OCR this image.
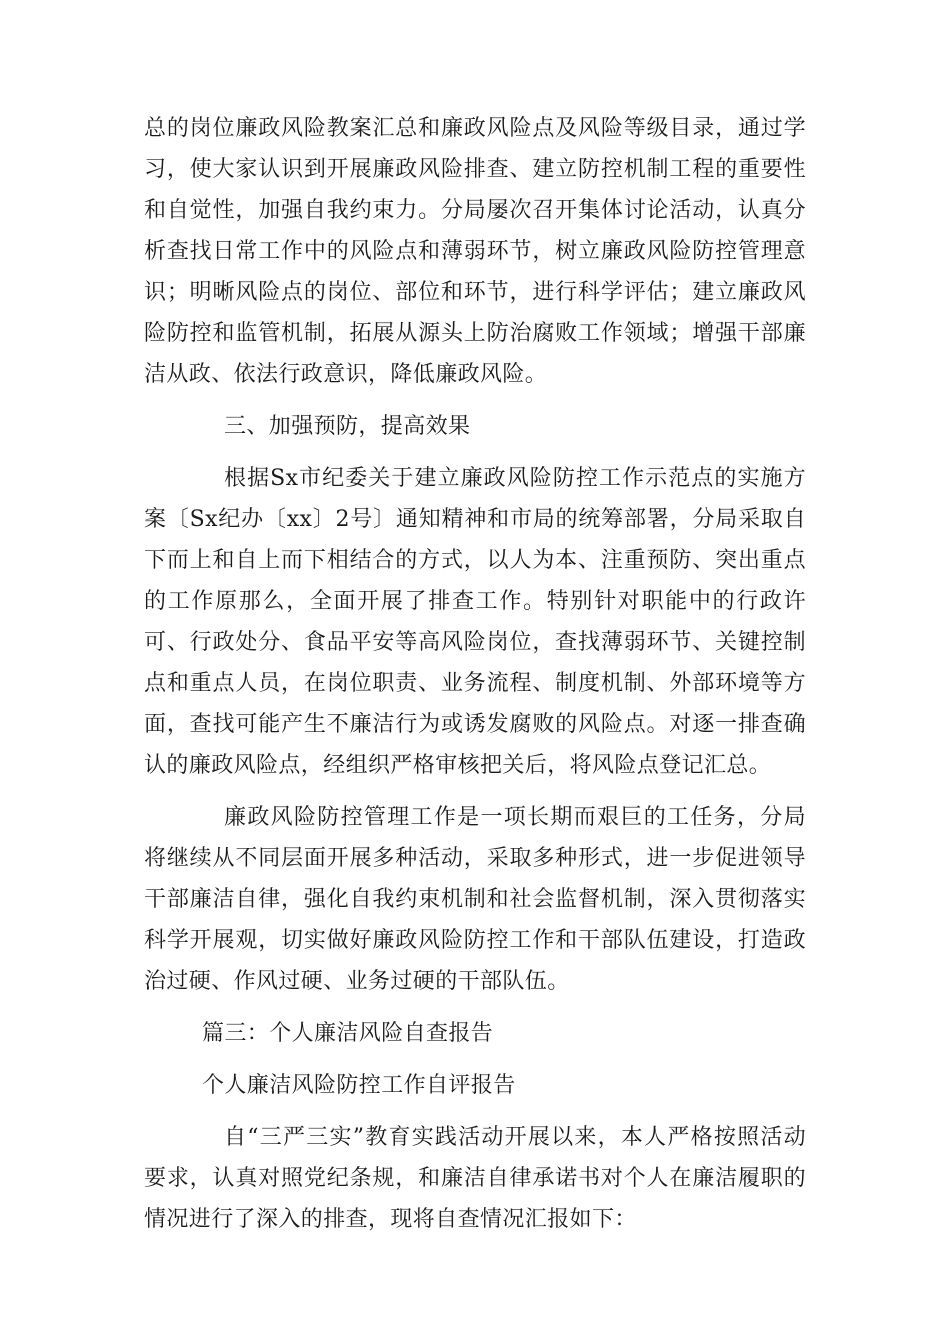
总的岗位廉政风险教案汇总和廉政风险点及风险等级目录，通过学习，使大家认识到开展廉政风险排查、建立防控机制工程的重要性和自觉性，加强自我约束力。分局屡次召开集体讨论活动，认真分析查找日常工作中的风险点和薄弱环节，树立廉政风险防控管理意识；明晰风险点的岗位、部位和环节，进行科学评估；建立廉政风险防控和监管机制，拓展从源头上防治腐败工作领域；增强干部廉洁从政、依法行政意识，降低廉政风险。

三、加强预防，提高效果

根据Sx市纪委关于建立廉政风险防控工作示范点的实施方案〔Sx纪办〔xx〕2号〕通知精神和市局的统筹部署，分局采取自下而上和自上而下相结合的方式，以人为本、注重预防、突出重点的工作原那么，全面开展了排查工作。特别针对职能中的行政许可、行政处分、食品平安等高风险岗位，查找薄弱环节、关键控制点和重点人员，在岗位职责、业务流程、制度机制、外部环境等方面，查找可能产生不廉洁行为或诱发腐败的风险点。对逐一排查确认的廉政风险点，经组织严格审核把关后，将风险点登记汇总。

廉政风险防控管理工作是一项长期而艰巨的工任务，分局将继续从不同层面开展多种活动，采取多种形式，进一步促进领导干部廉洁自律，强化自我约束机制和社会监督机制，深入贯彻落实科学开展观，切实做好廉政风险防控工作和干部队伍建设，打造政治过硬、作风过硬、业务过硬的干部队伍。

篇三：个人廉洁风险自查报告

个人廉洁风险防控工作自评报告

自“三严三实”教育实践活动开展以来，本人严格按照活动要求，认真对照党纪条规，和廉洁自律承诺书对个人在廉洁履职的情况进行了深入的排查，现将自查情况汇报如下：
